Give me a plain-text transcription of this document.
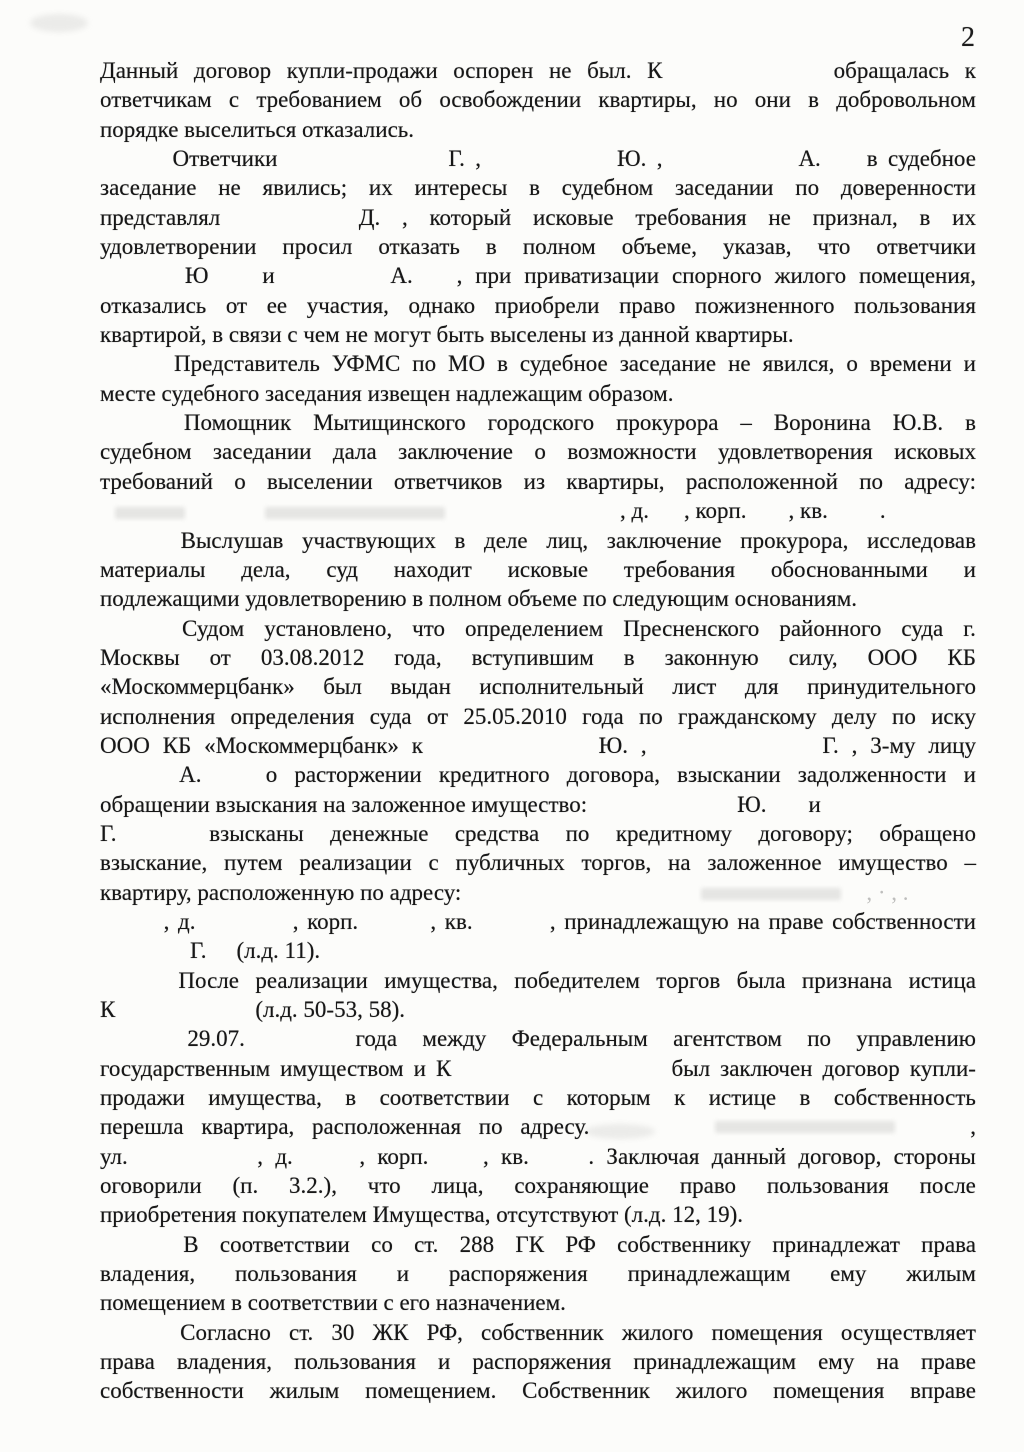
2
Данный договор купли-продажи оспорен не был. К	обращалась к
ответчикам с требованием об освобождении квартиры, но они в добровольном
порядке выселиться отказались.
Ответчики	Г. ,	Ю. ,	А. в судебное
заседание не явились; их интересы в судебном заседании по доверенности
представлял	Д. , который исковые требования не признал, в их
удовлетворении просил отказать в полном объеме, указав, что ответчики
Ю и	А. , при приватизации спорного жилого помещения,
отказались от ее участия, однако приобрели право пожизненного пользования
квартирой, в связи с чем не могут быть выселены из данной квартиры.
Представитель УФМС по МО в судебное заседание не явился, о времени и
месте судебного заседания извещен надлежащим образом.
Помощник Мытищинского городского прокурора – Воронина Ю.В. в
судебном заседании дала заключение о возможности удовлетворения исковых
требований о выселении ответчиков из квартиры, расположенной по адресу:
, д. , корп. , кв. .
Выслушав участвующих в деле лиц, заключение прокурора, исследовав
материалы дела, суд находит исковые требования обоснованными и
подлежащими удовлетворению в полном объеме по следующим основаниям.
Судом установлено, что определением Пресненского районного суда г.
Москвы от 03.08.2012 года, вступившим в законную силу, ООО КБ
«Москоммерцбанк» был выдан исполнительный лист для принудительного
исполнения определения суда от 25.05.2010 года по гражданскому делу по иску
ООО КБ «Москоммерцбанк» к	Ю. ,	Г. , 3-му лицу
А.	о расторжении кредитного договора, взыскании задолженности и
обращении взыскания на заложенное имущество:	Ю. и
Г.	взысканы денежные средства по кредитному договору; обращено
взыскание, путем реализации с публичных торгов, на заложенное имущество –
квартиру, расположенную по адресу:	, · , .
, д.	, корп.	, кв.	, принадлежащую на праве собственности
Г. (л.д. 11).
После реализации имущества, победителем торгов была признана истица
К	(л.д. 50-53, 58).
29.07.	года между Федеральным агентством по управлению
государственным имуществом и К	был заключен договор купли-
продажи имущества, в соответствии с которым к истице в собственность
перешла квартира, расположенная по адресу.	,
ул.	, д.	, корп. , кв.	. Заключая данный договор, стороны
оговорили (п. 3.2.), что лица, сохраняющие право пользования после
приобретения покупателем Имущества, отсутствуют (л.д. 12, 19).
В соответствии со ст. 288 ГК РФ собственнику принадлежат права
владения, пользования и распоряжения принадлежащим ему жилым
помещением в соответствии с его назначением.
Согласно ст. 30 ЖК РФ, собственник жилого помещения осуществляет
права владения, пользования и распоряжения принадлежащим ему на праве
собственности жилым помещением. Собственник жилого помещения вправе
